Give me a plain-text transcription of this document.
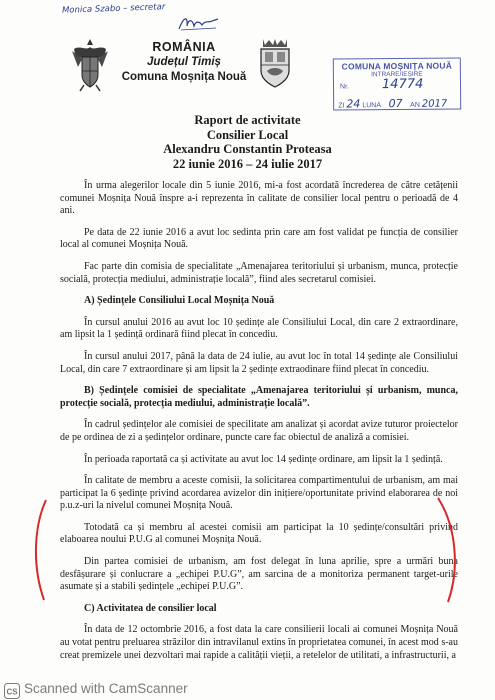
Monica Szabo – secretar
ROMÂNIA
Județul Timiș
Comuna Moșnița Nouă
COMUNA MOȘNIȚA NOUĂ
INTRARE/IEȘIRE
Nr.	14774
ZI 24 LUNA 07 AN 2017
Raport de activitate
Consilier Local
Alexandru Constantin Proteasa
22 iunie 2016 – 24 iulie 2017

În urma alegerilor locale din 5 iunie 2016, mi-a fost acordată încrederea de către cetățenii comunei Moșnița Nouă înspre a-i reprezenta în calitate de consilier local pentru o perioadă de 4 ani.

Pe data de 22 iunie 2016 a avut loc sedinta prin care am fost validat pe funcția de consilier local al comunei Moșnița Nouă.

Fac parte din comisia de specialitate „Amenajarea teritoriului și urbanism, munca, protecție socială, protecția mediului, administrație locală”, fiind ales secretarul comisiei.

A) Ședințele Consiliului Local Moșnița Nouă

În cursul anului 2016 au avut loc 10 ședințe ale Consiliului Local, din care 2 extraordinare, am lipsit la 1 ședință ordinară fiind plecat în concediu.

În cursul anului 2017, până la data de 24 iulie, au avut loc în total 14 ședințe ale Consiliului Local, din care 7 extraordinare și am lipsit la 2 ședințe extraodinare fiind plecat în concediu.

B) Ședințele comisiei de specialitate „Amenajarea teritoriului și urbanism, munca, protecție socială, protecția mediului, administrație locală”.

În cadrul ședințelor ale comisiei de specilitate am analizat și acordat avize tuturor proiectelor de pe ordinea de zi a ședințelor ordinare, puncte care fac obiectul de analiză a comisiei.

În perioada raportată ca și activitate au avut loc 14 ședințe ordinare, am lipsit la 1 ședință.

În calitate de membru a aceste comisii, la solicitarea compartimentului de urbanism, am mai participat la 6 ședințe privind acordarea avizelor din inițiere/oportunitate privind elaborarea de noi p.u.z-uri la nivelul comunei Moșnița Nouă.

Totodată ca și membru al acestei comisii am participat la 10 ședințe/consultări privind elaboarea noului P.U.G al comunei Moșnița Nouă.

Din partea comisiei de urbanism, am fost delegat în luna aprilie, spre a urmări buna desfășurare și conlucrare a „echipei P.U.G”, am sarcina de a monitoriza permanent target-urile asumate și a stabili ședințele „echipei P.U.G”.

C) Activitatea de consilier local

În data de 12 octombrie 2016, a fost data la care consilierii locali ai comunei Moșnița Nouă au votat pentru preluarea străzilor din intravilanul extins în proprietatea comunei, în acest mod s-au creat premizele unei dezvoltari mai rapide a calității vieții, a retelelor de utilitati, a infrastructurii, a

CS Scanned with CamScanner
